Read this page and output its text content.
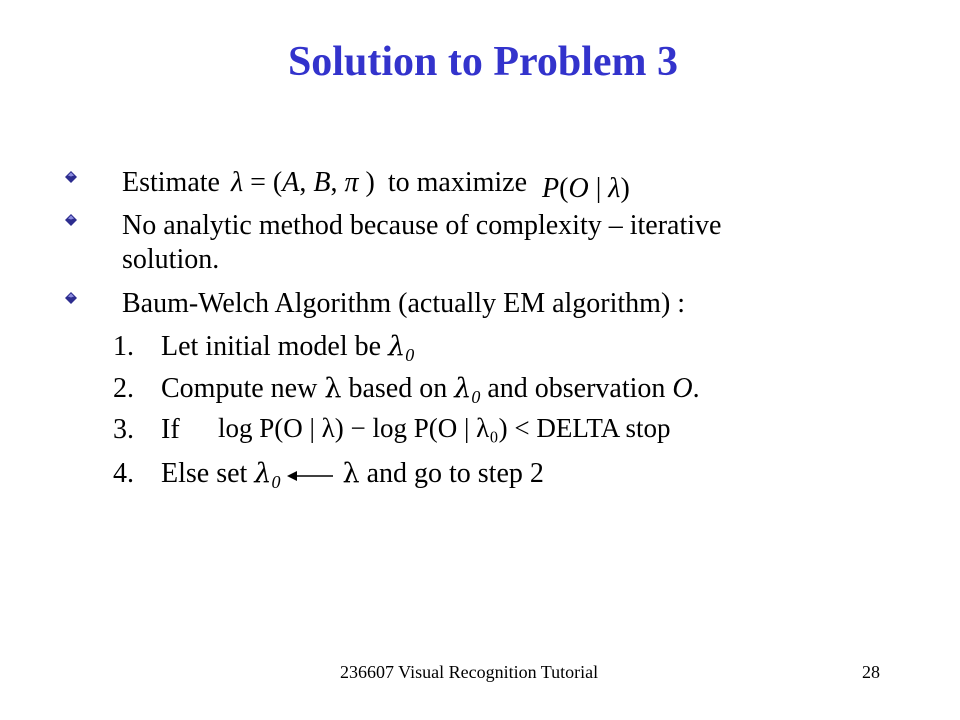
Solution to Problem 3
Estimate λ = (A, B, π ) to maximize P(O | λ)
No analytic method because of complexity – iterative
solution.
Baum-Welch Algorithm (actually EM algorithm) :
1. Let initial model be $\lambda_0$
2. Compute new λ based on $\lambda_0$ and observation O.
3. If log P(O | λ) − log P(O | λ₀) < DELTA stop
4. Else set $\lambda_0$ λ and go to step 2
236607 Visual Recognition Tutorial	28
